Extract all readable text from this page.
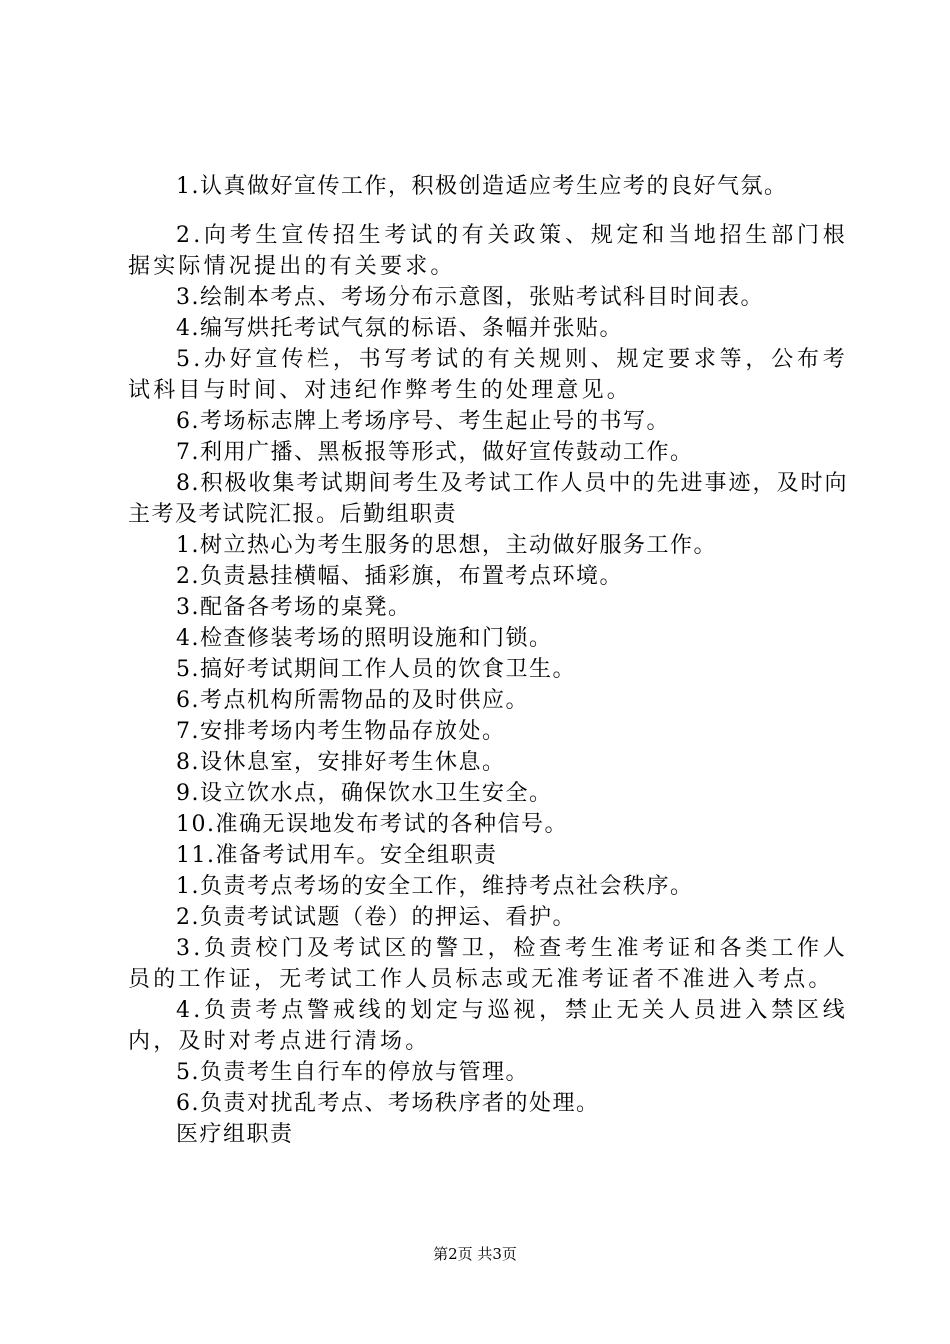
1.认真做好宣传工作，积极创造适应考生应考的良好气氛。

2.向考生宣传招生考试的有关政策、规定和当地招生部门根据实际情况提出的有关要求。

3.绘制本考点、考场分布示意图，张贴考试科目时间表。

4.编写烘托考试气氛的标语、条幅并张贴。

5.办好宣传栏，书写考试的有关规则、规定要求等，公布考试科目与时间、对违纪作弊考生的处理意见。

6.考场标志牌上考场序号、考生起止号的书写。

7.利用广播、黑板报等形式，做好宣传鼓动工作。

8.积极收集考试期间考生及考试工作人员中的先进事迹，及时向主考及考试院汇报。后勤组职责

1.树立热心为考生服务的思想，主动做好服务工作。

2.负责悬挂横幅、插彩旗，布置考点环境。

3.配备各考场的桌凳。

4.检查修装考场的照明设施和门锁。

5.搞好考试期间工作人员的饮食卫生。

6.考点机构所需物品的及时供应。

7.安排考场内考生物品存放处。

8.设休息室，安排好考生休息。

9.设立饮水点，确保饮水卫生安全。

10.准确无误地发布考试的各种信号。

11.准备考试用车。安全组职责

1.负责考点考场的安全工作，维持考点社会秩序。

2.负责考试试题（卷）的押运、看护。

3.负责校门及考试区的警卫，检查考生准考证和各类工作人员的工作证，无考试工作人员标志或无准考证者不准进入考点。

4.负责考点警戒线的划定与巡视，禁止无关人员进入禁区线内，及时对考点进行清场。

5.负责考生自行车的停放与管理。

6.负责对扰乱考点、考场秩序者的处理。

医疗组职责

第2页 共3页
